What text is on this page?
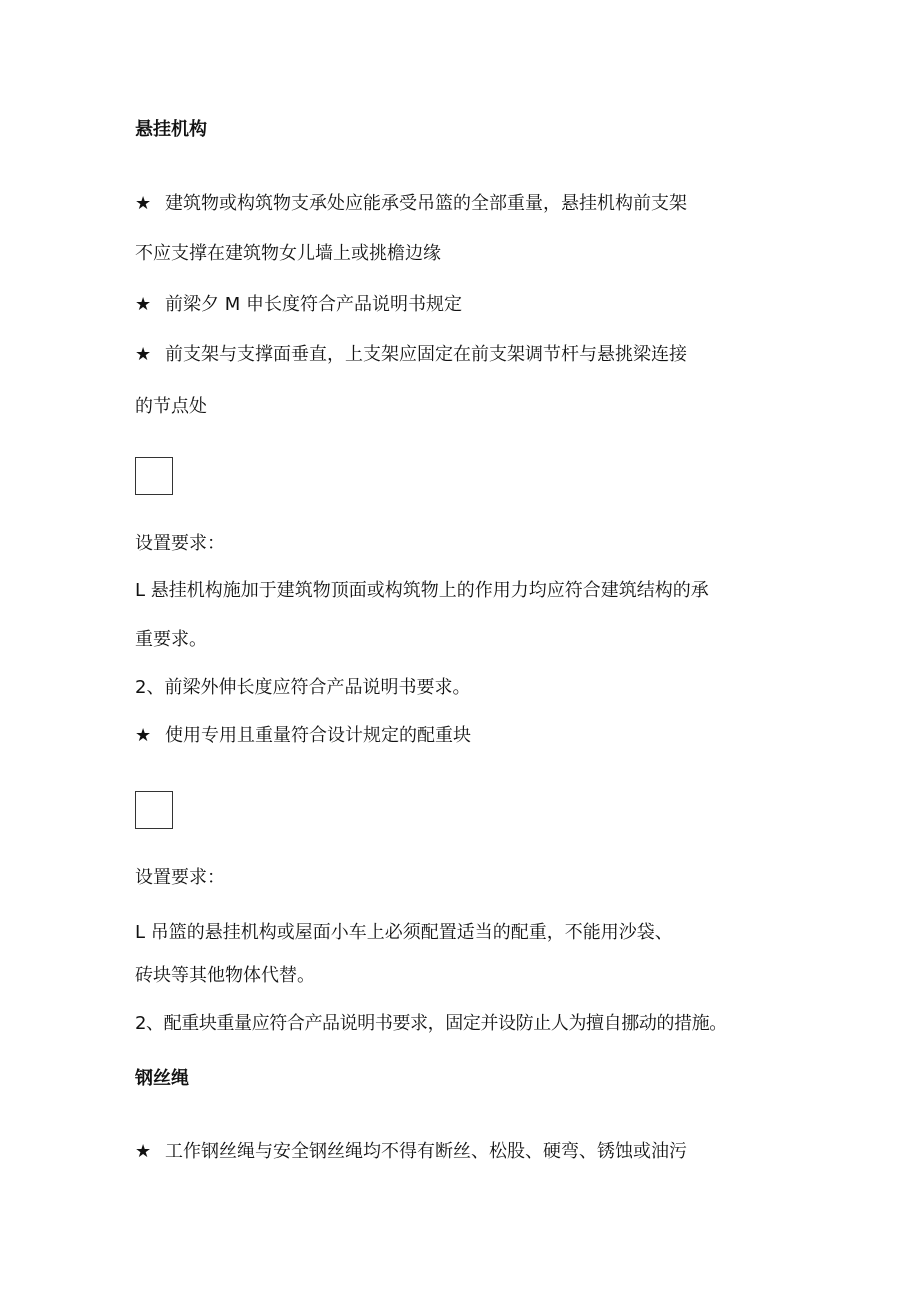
悬挂机构
★ 建筑物或构筑物支承处应能承受吊篮的全部重量，悬挂机构前支架
不应支撑在建筑物女儿墙上或挑檐边缘
★ 前梁夕 M 申长度符合产品说明书规定
★ 前支架与支撑面垂直，上支架应固定在前支架调节杆与悬挑梁连接
的节点处
设置要求：
L 悬挂机构施加于建筑物顶面或构筑物上的作用力均应符合建筑结构的承
重要求。
2、前梁外伸长度应符合产品说明书要求。
★ 使用专用且重量符合设计规定的配重块
设置要求：
L 吊篮的悬挂机构或屋面小车上必须配置适当的配重，不能用沙袋、
砖块等其他物体代替。
2、配重块重量应符合产品说明书要求，固定并设防止人为擅自挪动的措施。
钢丝绳
★ 工作钢丝绳与安全钢丝绳均不得有断丝、松股、硬弯、锈蚀或油污
